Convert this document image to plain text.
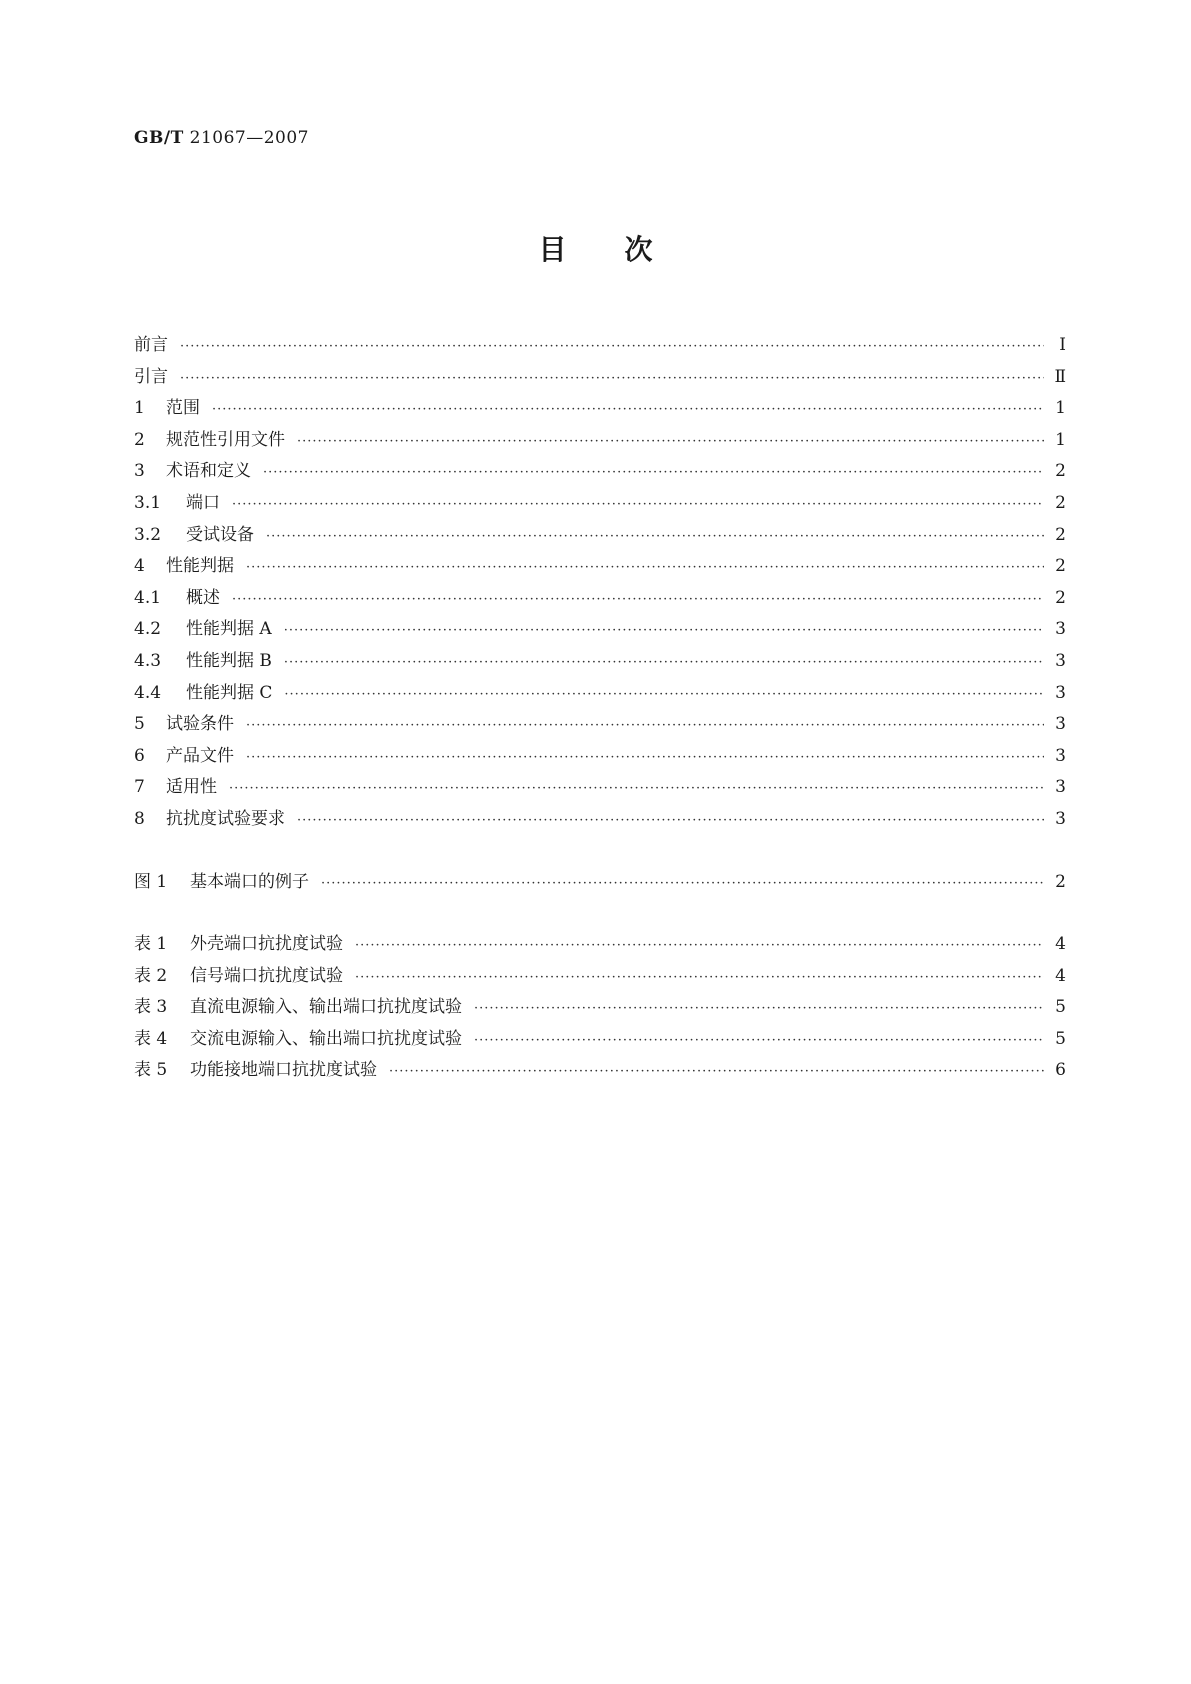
GB/T 21067—2007
目 次
前言 ·····	Ⅰ
引言 ·····	Ⅱ
1	范围 ·····	1
2	规范性引用文件 ·····	1
3	术语和定义 ·····	2
3.1	端口 ·····	2
3.2	受试设备 ·····	2
4	性能判据 ·····	2
4.1	概述 ·····	2
4.2	性能判据 A ·····	3
4.3	性能判据 B ·····	3
4.4	性能判据 C ·····	3
5	试验条件 ·····	3
6	产品文件 ·····	3
7	适用性 ·····	3
8	抗扰度试验要求 ·····	3
图 1	基本端口的例子 ·····	2
表 1	外壳端口抗扰度试验 ·····	4
表 2	信号端口抗扰度试验 ·····	4
表 3	直流电源输入、输出端口抗扰度试验 ·····	5
表 4	交流电源输入、输出端口抗扰度试验 ·····	5
表 5	功能接地端口抗扰度试验 ·····	6
